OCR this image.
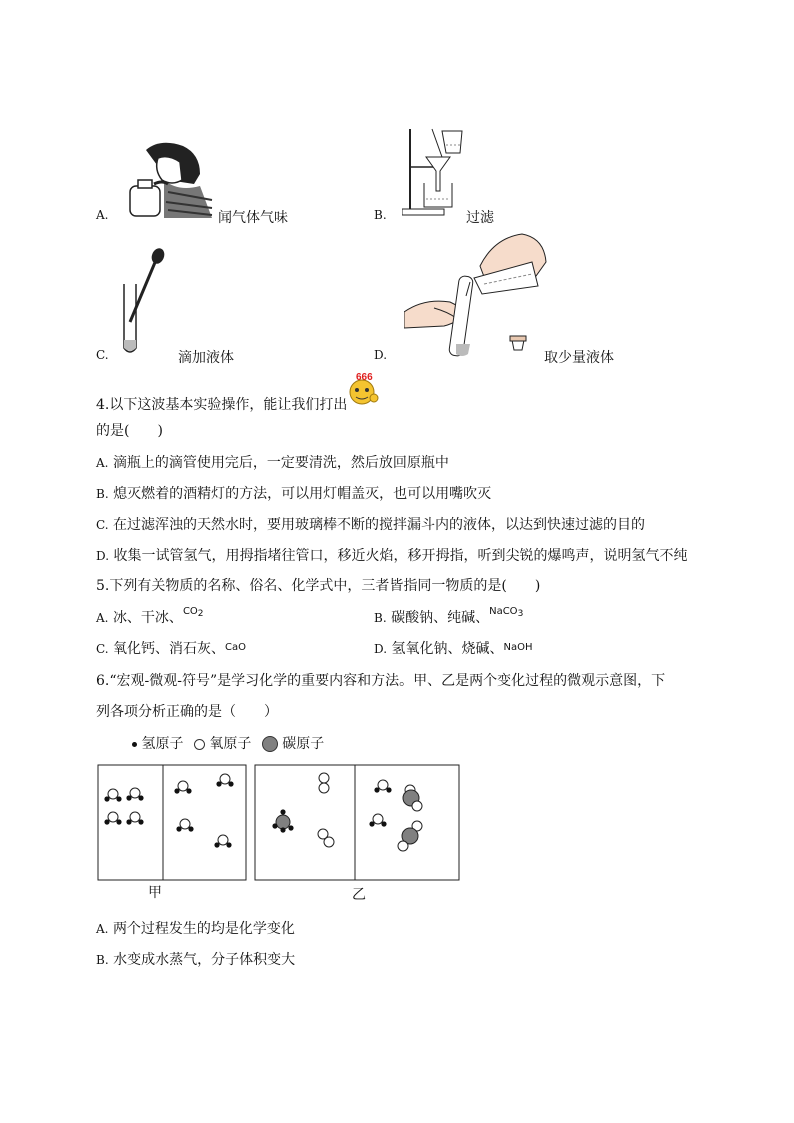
A.	闻气体气味	B.	过滤
C.	滴加液体	D.	取少量液体
4.以下这波基本实验操作，能让我们打出
666
的是(　　)
A. 滴瓶上的滴管使用完后，一定要清洗，然后放回原瓶中
B. 熄灭燃着的酒精灯的方法，可以用灯帽盖灭，也可以用嘴吹灭
C. 在过滤浑浊的天然水时，要用玻璃棒不断的搅拌漏斗内的液体，以达到快速过滤的目的
D. 收集一试管氢气，用拇指堵往管口，移近火焰，移开拇指，听到尖锐的爆鸣声，说明氢气不纯
5.下列有关物质的名称、俗名、化学式中，三者皆指同一物质的是(　　)
A. 冰、干冰、$^{CO2}$	B. 碳酸钠、纯碱、$^{NaCO3}$
C. 氧化钙、消石灰、$^{CaO}$	D. 氢氧化钠、烧碱、$^{NaOH}$
6.“宏观-微观-符号”是学习化学的重要内容和方法。甲、乙是两个变化过程的微观示意图，下
列各项分析正确的是（　　）
氢原子 氧原子 碳原子
甲	乙
A. 两个过程发生的均是化学变化
B. 水变成水蒸气，分子体积变大
